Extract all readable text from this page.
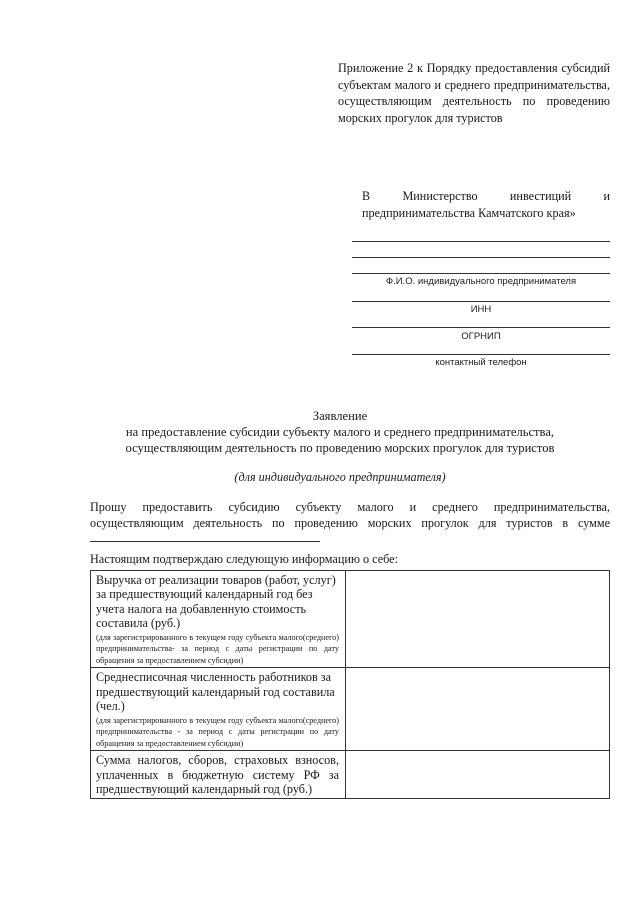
Приложение 2 к Порядку предоставления субсидий субъектам малого и среднего предпринимательства, осуществляющим деятельность по проведению морских прогулок для туристов
В Министерство инвестиций и
предпринимательства Камчатского края»
Ф.И.О. индивидуального предпринимателя
ИНН
ОГРНИП
контактный телефон
Заявление
на предоставление субсидии субъекту малого и среднего предпринимательства,
осуществляющим деятельность по проведению морских прогулок для туристов
(для индивидуального предпринимателя)
Прошу предоставить субсидию субъекту малого и среднего предпринимательства, осуществляющим деятельность по проведению морских прогулок для туристов в сумме
Настоящим подтверждаю следующую информацию о себе:
Выручка от реализации товаров (работ, услуг) за предшествующий календарный год без учета налога на добавленную стоимость составила (руб.)
(для зарегистрированного в текущем году субъекта малого(среднего) предпринимательства- за период с даты регистрации по дату обращения за предоставлением субсидии)	

Среднесписочная численность работников за предшествующий календарный год составила (чел.)
(для зарегистрированного в текущем году субъекта малого(среднего) предпринимательства - за период с даты регистрации по дату обращения за предоставлением субсидии)	

Сумма налогов, сборов, страховых взносов, уплаченных в бюджетную систему РФ за предшествующий календарный год (руб.)	
